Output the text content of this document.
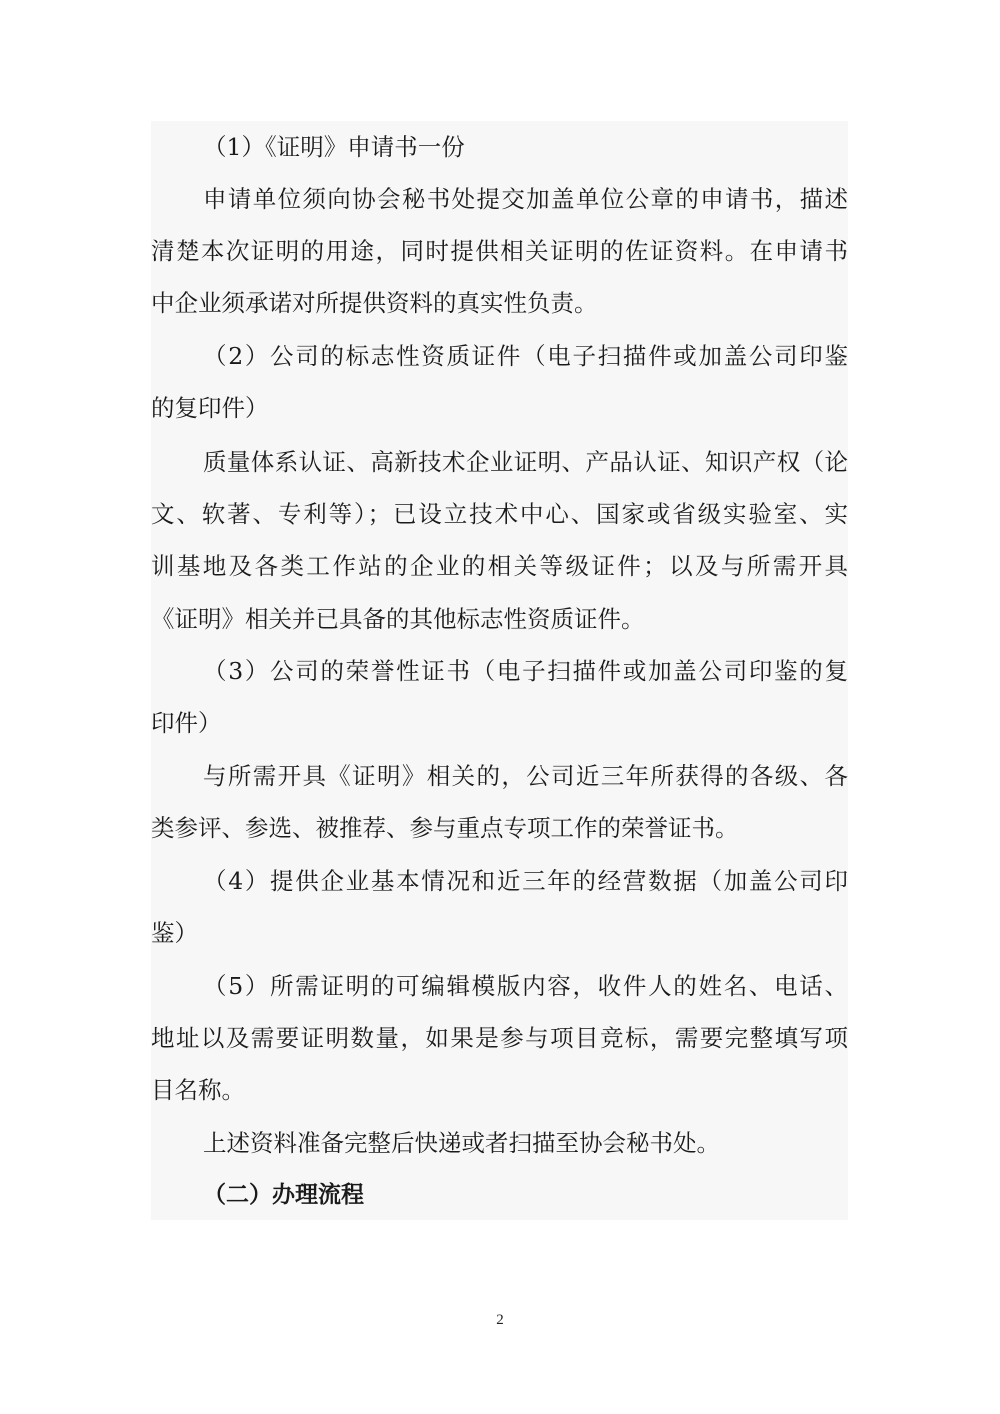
（1）《证明》申请书一份
申请单位须向协会秘书处提交加盖单位公章的申请书，描述
清楚本次证明的用途，同时提供相关证明的佐证资料。在申请书
中企业须承诺对所提供资料的真实性负责。
（2）公司的标志性资质证件（电子扫描件或加盖公司印鉴
的复印件）
质量体系认证、高新技术企业证明、产品认证、知识产权（论
文、软著、专利等）；已设立技术中心、国家或省级实验室、实
训基地及各类工作站的企业的相关等级证件；以及与所需开具
《证明》相关并已具备的其他标志性资质证件。
（3）公司的荣誉性证书（电子扫描件或加盖公司印鉴的复
印件）
与所需开具《证明》相关的，公司近三年所获得的各级、各
类参评、参选、被推荐、参与重点专项工作的荣誉证书。
（4）提供企业基本情况和近三年的经营数据（加盖公司印
鉴）
（5）所需证明的可编辑模版内容，收件人的姓名、电话、
地址以及需要证明数量，如果是参与项目竞标，需要完整填写项
目名称。
上述资料准备完整后快递或者扫描至协会秘书处。
（二）办理流程
2
